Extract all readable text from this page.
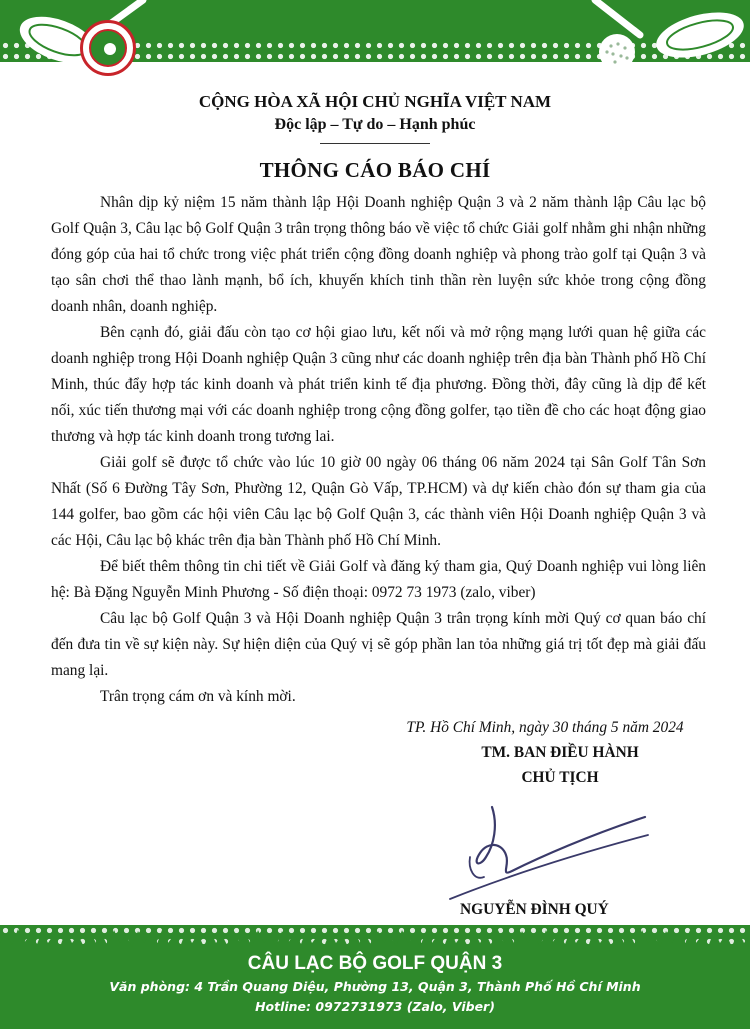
CỘNG HÒA XÃ HỘI CHỦ NGHĨA VIỆT NAM

Độc lập – Tự do – Hạnh phúc

THÔNG CÁO BÁO CHÍ

Nhân dịp kỷ niệm 15 năm thành lập Hội Doanh nghiệp Quận 3 và 2 năm thành lập Câu lạc bộ Golf Quận 3, Câu lạc bộ Golf Quận 3 trân trọng thông báo về việc tổ chức Giải golf nhằm ghi nhận những đóng góp của hai tổ chức trong việc phát triển cộng đồng doanh nghiệp và phong trào golf tại Quận 3 và tạo sân chơi thể thao lành mạnh, bổ ích, khuyến khích tinh thần rèn luyện sức khỏe trong cộng đồng doanh nhân, doanh nghiệp.

Bên cạnh đó, giải đấu còn tạo cơ hội giao lưu, kết nối và mở rộng mạng lưới quan hệ giữa các doanh nghiệp trong Hội Doanh nghiệp Quận 3 cũng như các doanh nghiệp trên địa bàn Thành phố Hồ Chí Minh, thúc đẩy hợp tác kinh doanh và phát triển kinh tế địa phương. Đồng thời, đây cũng là dịp để kết nối, xúc tiến thương mại với các doanh nghiệp trong cộng đồng golfer, tạo tiền đề cho các hoạt động giao thương và hợp tác kinh doanh trong tương lai.

Giải golf sẽ được tổ chức vào lúc 10 giờ 00 ngày 06 tháng 06 năm 2024 tại Sân Golf Tân Sơn Nhất (Số 6 Đường Tây Sơn, Phường 12, Quận Gò Vấp, TP.HCM) và dự kiến chào đón sự tham gia của 144 golfer, bao gồm các hội viên Câu lạc bộ Golf Quận 3, các thành viên Hội Doanh nghiệp Quận 3 và các Hội, Câu lạc bộ khác trên địa bàn Thành phố Hồ Chí Minh.

Để biết thêm thông tin chi tiết về Giải Golf và đăng ký tham gia, Quý Doanh nghiệp vui lòng liên hệ: Bà Đặng Nguyễn Minh Phương - Số điện thoại: 0972 73 1973 (zalo, viber)

Câu lạc bộ Golf Quận 3 và Hội Doanh nghiệp Quận 3 trân trọng kính mời Quý cơ quan báo chí đến đưa tin về sự kiện này. Sự hiện diện của Quý vị sẽ góp phần lan tỏa những giá trị tốt đẹp mà giải đấu mang lại.

Trân trọng cám ơn và kính mời.

TP. Hồ Chí Minh, ngày 30 tháng 5 năm 2024

TM. BAN ĐIỀU HÀNH

CHỦ TỊCH

NGUYỄN ĐÌNH QUÝ

CÂU LẠC BỘ GOLF QUẬN 3

Văn phòng: 4 Trần Quang Diệu, Phường 13, Quận 3, Thành Phố Hồ Chí Minh

Hotline: 0972731973 (Zalo, Viber)
